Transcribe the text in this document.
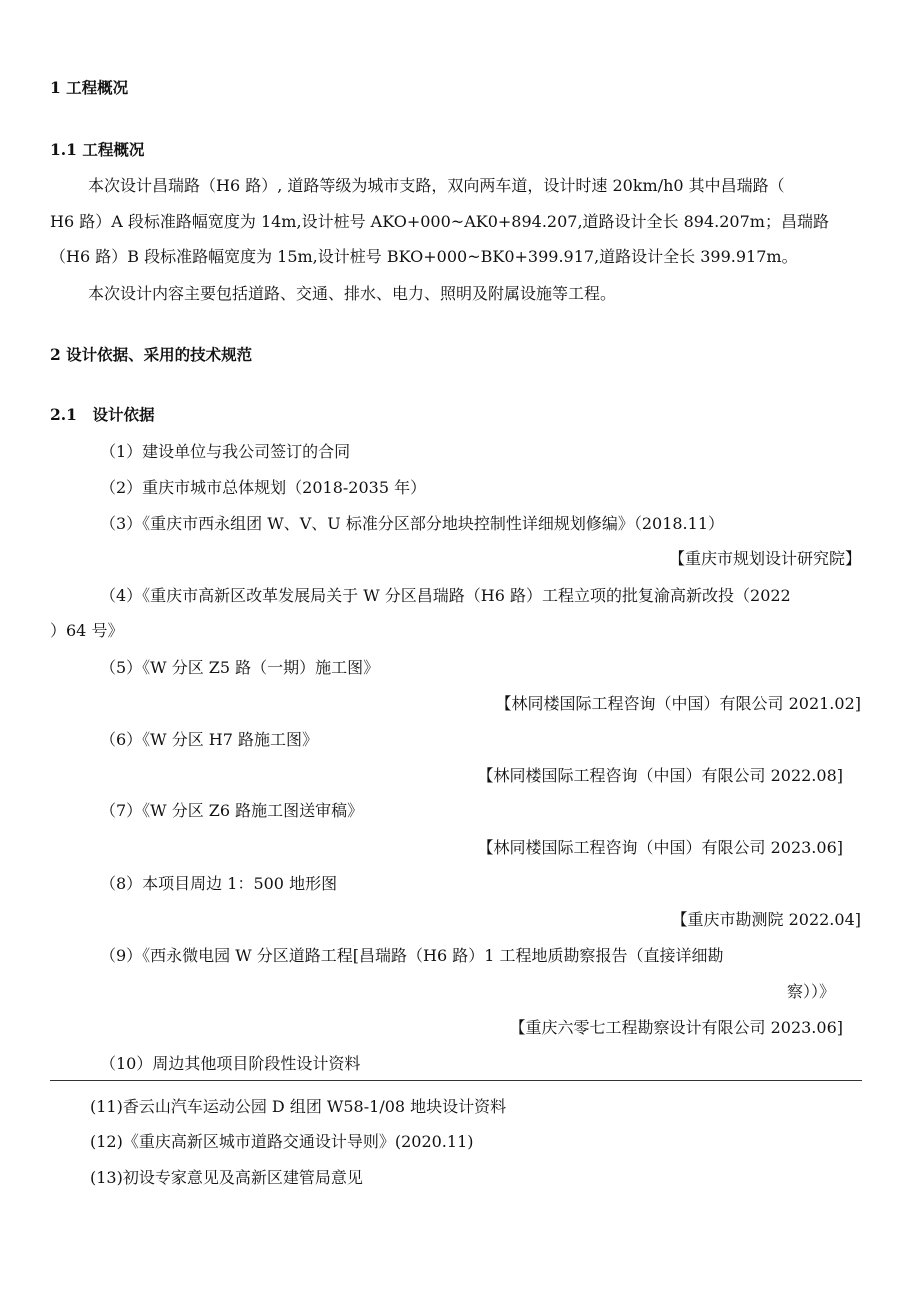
1 工程概况
1.1 工程概况
本次设计昌瑞路（H6 路）, 道路等级为城市支路，双向两车道，设计时速 20km/h0 其中昌瑞路（
H6 路）A 段标准路幅宽度为 14m,设计桩号 AKO+000~AK0+894.207,道路设计全长 894.207m；昌瑞路
（H6 路）B 段标准路幅宽度为 15m,设计桩号 BKO+000~BK0+399.917,道路设计全长 399.917m。
本次设计内容主要包括道路、交通、排水、电力、照明及附属设施等工程。
2 设计依据、采用的技术规范
2.1　设计依据
（1）建设单位与我公司签订的合同
（2）重庆市城市总体规划（2018-2035 年）
（3）《重庆市西永组团 W、V、U 标准分区部分地块控制性详细规划修编》（2018.11）
【重庆市规划设计研究院】
（4）《重庆市高新区改革发展局关于 W 分区昌瑞路（H6 路）工程立项的批复渝高新改投（2022
）64 号》
（5）《W 分区 Z5 路（一期）施工图》
【林同楼国际工程咨询（中国）有限公司 2021.02]
（6）《W 分区 H7 路施工图》
【林同楼国际工程咨询（中国）有限公司 2022.08]
（7）《W 分区 Z6 路施工图送审稿》
【林同楼国际工程咨询（中国）有限公司 2023.06]
（8）本项目周边 1：500 地形图
【重庆市勘测院 2022.04]
（9）《西永微电园 W 分区道路工程[昌瑞路（H6 路）1 工程地质勘察报告（直接详细勘
察））》
【重庆六零七工程勘察设计有限公司 2023.06]
（10）周边其他项目阶段性设计资料
(11)香云山汽车运动公园 D 组团 W58-1/08 地块设计资料
(12)《重庆高新区城市道路交通设计导则》(2020.11)
(13)初设专家意见及高新区建管局意见
